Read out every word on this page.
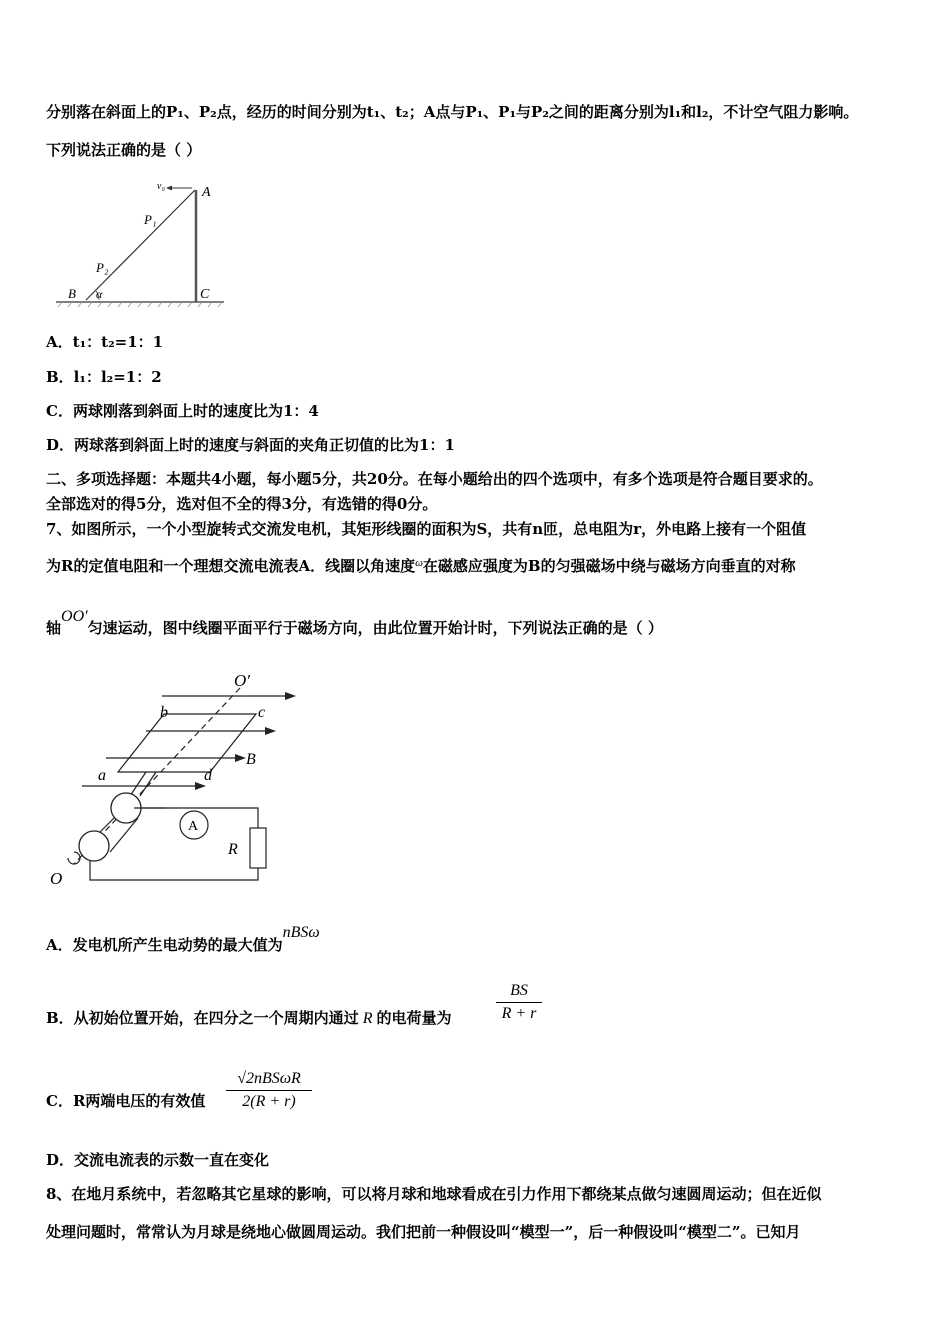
分别落在斜面上的P₁、P₂点，经历的时间分别为t₁、t₂；A点与P₁、P₁与P₂之间的距离分别为l₁和l₂，不计空气阻力影响。
下列说法正确的是（ ）
v₀	A
P₁
P₂
B α	C
A．t₁：t₂=1：1
B．l₁：l₂=1：2
C．两球刚落到斜面上时的速度比为1：4
D．两球落到斜面上时的速度与斜面的夹角正切值的比为1：1
二、多项选择题：本题共4小题，每小题5分，共20分。在每小题给出的四个选项中，有多个选项是符合题目要求的。
全部选对的得5分，选对但不全的得3分，有选错的得0分。
7、如图所示，一个小型旋转式交流发电机，其矩形线圈的面积为S，共有n匝，总电阻为r，外电路上接有一个阻值
为R的定值电阻和一个理想交流电流表A．线圈以角速度$^\omega$在磁感应强度为B的匀强磁场中绕与磁场方向垂直的对称
轴OO′匀速运动，图中线圈平面平行于磁场方向，由此位置开始计时，下列说法正确的是（ ）
O′
b	c
B
a	d
A
R
O
A．发电机所产生电动势的最大值为nBSω
B．从初始位置开始，在四分之一个周期内通过 R 的电荷量为	$\frac{BS}{R + r}$
C．R两端电压的有效值
√2nBSωR
2(R + r)
D．交流电流表的示数一直在变化
8、在地月系统中，若忽略其它星球的影响，可以将月球和地球看成在引力作用下都绕某点做匀速圆周运动；但在近似
处理问题时，常常认为月球是绕地心做圆周运动。我们把前一种假设叫“模型一”，后一种假设叫“模型二”。已知月
